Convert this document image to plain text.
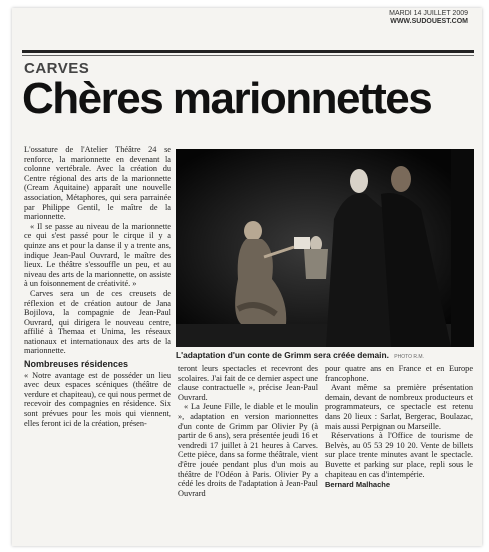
MARDI 14 JUILLET 2009
WWW.SUDOUEST.COM
CARVES
Chères marionnettes

L'ossature de l'Atelier Théâtre 24 se renforce, la marionnette en devenant la colonne vertébrale. Avec la création du Centre régional des arts de la marionnette (Cream Aquitaine) apparaît une nouvelle association, Métaphores, qui sera parrainée par Philippe Gentil, le maître de la marionnette.

« Il se passe au niveau de la marionnette ce qui s'est passé pour le cirque il y a quinze ans et pour la danse il y a trente ans, indique Jean-Paul Ouvrard, le maître des lieux. Le théâtre s'essouffle un peu, et au niveau des arts de la marionnette, on assiste à un foisonnement de créativité. »

Carves sera un de ces creusets de réflexion et de création autour de Jana Bojilova, la compagnie de Jean-Paul Ouvrard, qui dirigera le nouveau centre, affilié à Themaa et Unima, les réseaux nationaux et internationaux des arts de la marionnette.

Nombreuses résidences

« Notre avantage est de posséder un lieu avec deux espaces scéniques (théâtre de verdure et chapiteau), ce qui nous permet de recevoir des compagnies en résidence. Six sont prévues pour les mois qui viennent, elles feront ici de la création, présen-

L'adaptation d'un conte de Grimm sera créée demain. PHOTO R.M.

teront leurs spectacles et recevront des scolaires. J'ai fait de ce dernier aspect une clause contractuelle », précise Jean-Paul Ouvrard.

« La Jeune Fille, le diable et le moulin », adaptation en version marionnettes d'un conte de Grimm par Olivier Py (à partir de 6 ans), sera présentée jeudi 16 et vendredi 17 juillet à 21 heures à Carves. Cette pièce, dans sa forme théâtrale, vient d'être jouée pendant plus d'un mois au théâtre de l'Odéon à Paris. Olivier Py a cédé les droits de l'adaptation à Jean-Paul Ouvrard

pour quatre ans en France et en Europe francophone.

Avant même sa première présentation demain, devant de nombreux producteurs et programmateurs, ce spectacle est retenu dans 20 lieux : Sarlat, Bergerac, Boulazac, mais aussi Perpignan ou Marseille.

Réservations à l'Office de tourisme de Belvès, au 05 53 29 10 20. Vente de billets sur place trente minutes avant le spectacle. Buvette et parking sur place, repli sous le chapiteau en cas d'intempérie.

Bernard Malhache
